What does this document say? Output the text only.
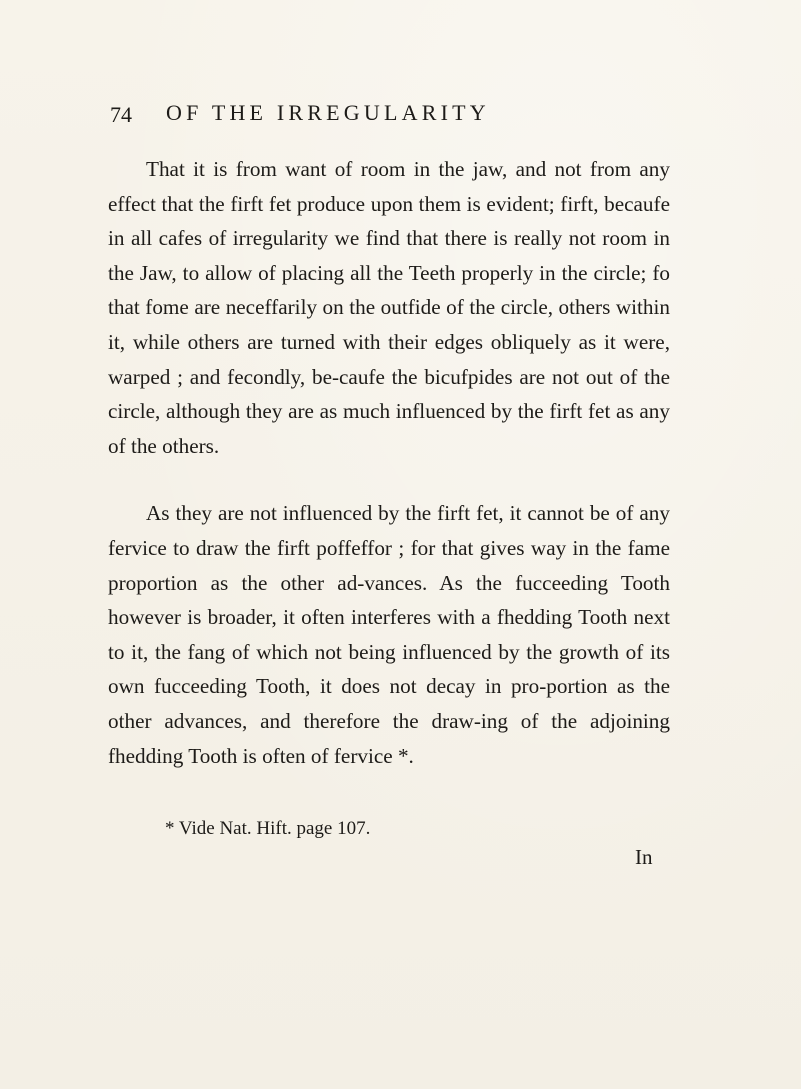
74 OF THE IRREGULARITY

That it is from want of room in the jaw, and not from any effect that the firft fet produce upon them is evident; firft, becaufe in all cafes of irregularity we find that there is really not room in the Jaw, to allow of placing all the Teeth properly in the circle; fo that fome are neceffarily on the outfide of the circle, others within it, while others are turned with their edges obliquely as it were, warped ; and fecondly, be-caufe the bicufpides are not out of the circle, although they are as much influenced by the firft fet as any of the others.

As they are not influenced by the firft fet, it cannot be of any fervice to draw the firft poffeffor ; for that gives way in the fame proportion as the other ad-vances. As the fucceeding Tooth however is broader, it often interferes with a fhedding Tooth next to it, the fang of which not being influenced by the growth of its own fucceeding Tooth, it does not decay in pro-portion as the other advances, and therefore the draw-ing of the adjoining fhedding Tooth is often of fervice *.

* Vide Nat. Hift. page 107.
In
